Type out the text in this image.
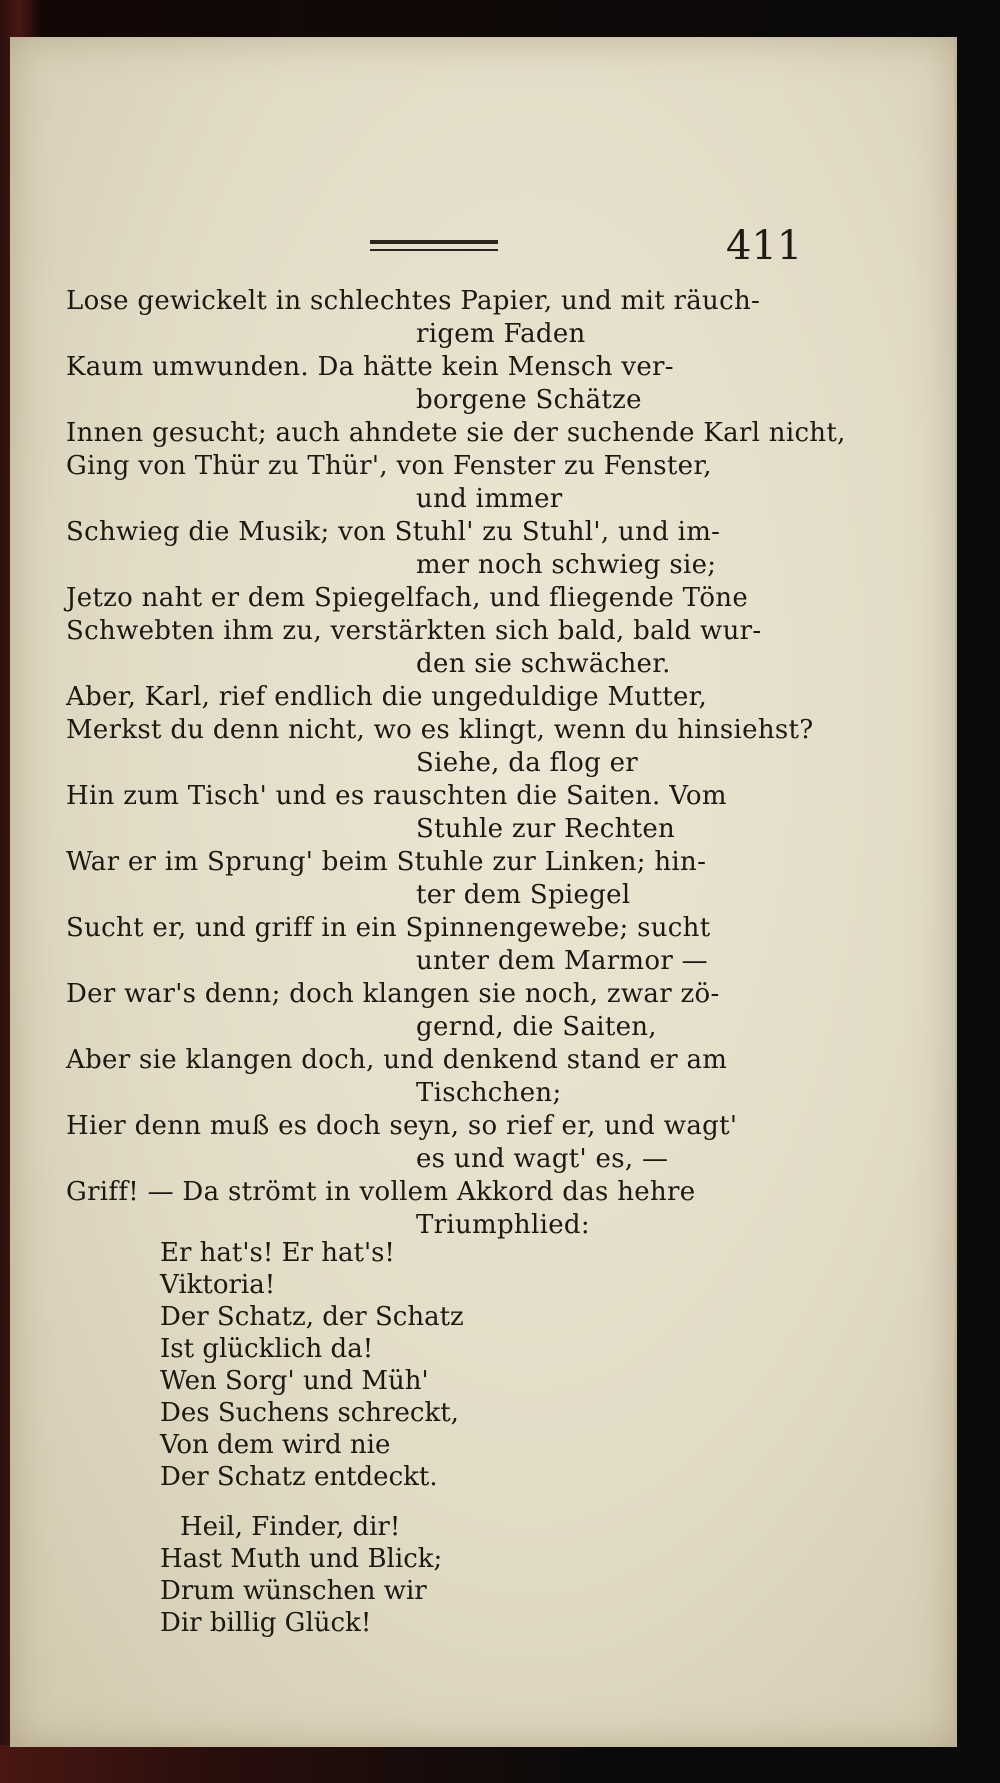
411
Lose gewickelt in schlechtes Papier, und mit räuch-
rigem Faden
Kaum umwunden. Da hätte kein Mensch ver-
borgene Schätze
Innen gesucht; auch ahndete sie der suchende Karl nicht,
Ging von Thür zu Thür', von Fenster zu Fenster,
und immer
Schwieg die Musik; von Stuhl' zu Stuhl', und im-
mer noch schwieg sie;
Jetzo naht er dem Spiegelfach, und fliegende Töne
Schwebten ihm zu, verstärkten sich bald, bald wur-
den sie schwächer.
Aber, Karl, rief endlich die ungeduldige Mutter,
Merkst du denn nicht, wo es klingt, wenn du hinsiehst?
Siehe, da flog er
Hin zum Tisch' und es rauschten die Saiten. Vom
Stuhle zur Rechten
War er im Sprung' beim Stuhle zur Linken; hin-
ter dem Spiegel
Sucht er, und griff in ein Spinnengewebe; sucht
unter dem Marmor —
Der war's denn; doch klangen sie noch, zwar zö-
gernd, die Saiten,
Aber sie klangen doch, und denkend stand er am
Tischchen;
Hier denn muß es doch seyn, so rief er, und wagt'
es und wagt' es, —
Griff! — Da strömt in vollem Akkord das hehre
Triumphlied:
Er hat's! Er hat's!
Viktoria!
Der Schatz, der Schatz
Ist glücklich da!
Wen Sorg' und Müh'
Des Suchens schreckt,
Von dem wird nie
Der Schatz entdeckt.
Heil, Finder, dir!
Hast Muth und Blick;
Drum wünschen wir
Dir billig Glück!
